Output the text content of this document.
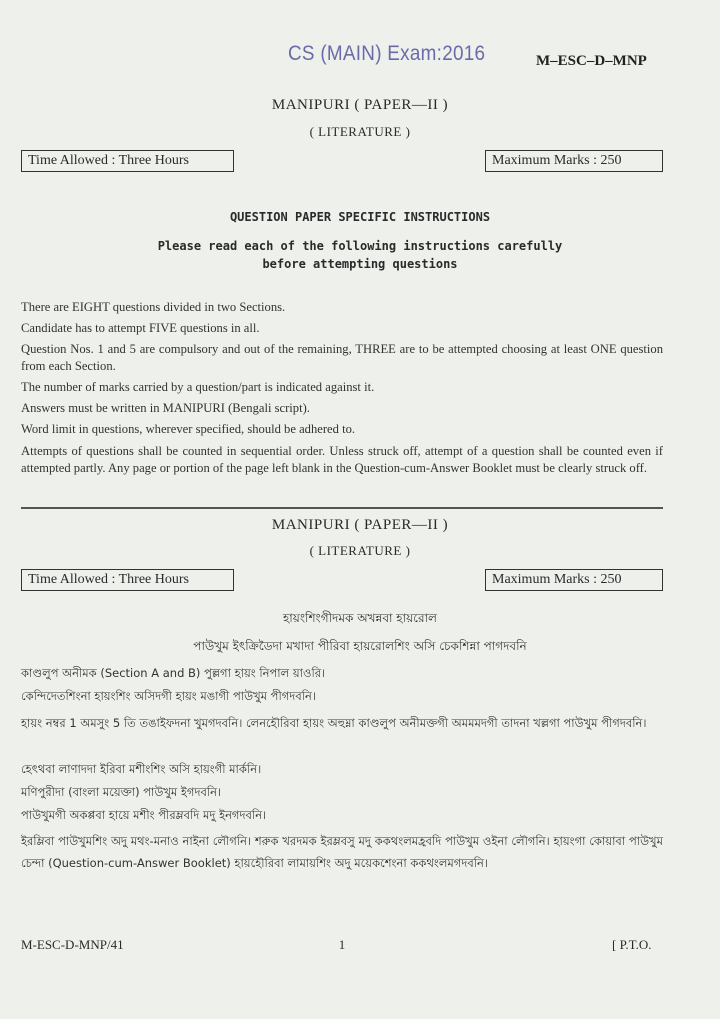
CS (MAIN) Exam:2016	M–ESC–D–MNP
MANIPURI ( PAPER—II )
( LITERATURE )
Time Allowed : Three Hours	Maximum Marks : 250
QUESTION PAPER SPECIFIC INSTRUCTIONS
Please read each of the following instructions carefully
before attempting questions
There are EIGHT questions divided in two Sections.
Candidate has to attempt FIVE questions in all.
Question Nos. 1 and 5 are compulsory and out of the remaining, THREE are to be attempted choosing at least ONE question from each Section.
The number of marks carried by a question/part is indicated against it.
Answers must be written in MANIPURI (Bengali script).
Word limit in questions, wherever specified, should be adhered to.
Attempts of questions shall be counted in sequential order. Unless struck off, attempt of a question shall be counted even if attempted partly. Any page or portion of the page left blank in the Question-cum-Answer Booklet must be clearly struck off.
MANIPURI ( PAPER—II )
( LITERATURE )
Time Allowed : Three Hours	Maximum Marks : 250
হায়ংশিংগীদমক অখন্নবা হায়রোল
পাউখুম ইৎক্রিডৈদা মখাদা পীরিবা হায়রোলশিং অসি চেকশিন্না পাগদবনি
কাণ্ডলুপ অনীমক (Section A and B) পুল্লগা হায়ং নিপাল য়াওরি।
কেন্দিদেতশিংনা হায়ংশিং অসিদগী হায়ং মঙাগী পাউখুম পীগদবনি।
হায়ং নম্বর 1 অমসুং 5 তি তঙাইফদনা খুমগদবনি। লেনহৌরিবা হায়ং অহুম্না কাণ্ডলুপ অনীমক্তগী অমমমদগী তাদনা খল্লগা পাউখুম পীগদবনি।
হেৎথবা লাণাদদা ইরিবা মশীংশিং অসি হায়ংগী মার্কনি।
মণিপুরীদা (বাংলা ময়েক্তা) পাউখুম ইগদবনি।
পাউখুমগী অকপ্পবা হায়ে মশীং পীরম্লবদি মদু ইনগদবনি।
ইরম্লিবা পাউখুমশিং অদু মথং-মনাও নাইনা লৌগনি। শরুক খরদমক ইরম্লবসু মদু ককথংলমহ্রবদি পাউখুম ওইনা লৌগনি। হায়ংগা কোয়াবা পাউখুম চেন্দা (Question-cum-Answer Booklet) হায়হৌরিবা লামায়শিং অদু ময়েকশেংনা ককথংলমগদবনি।
M-ESC-D-MNP/41	1	[ P.T.O.
